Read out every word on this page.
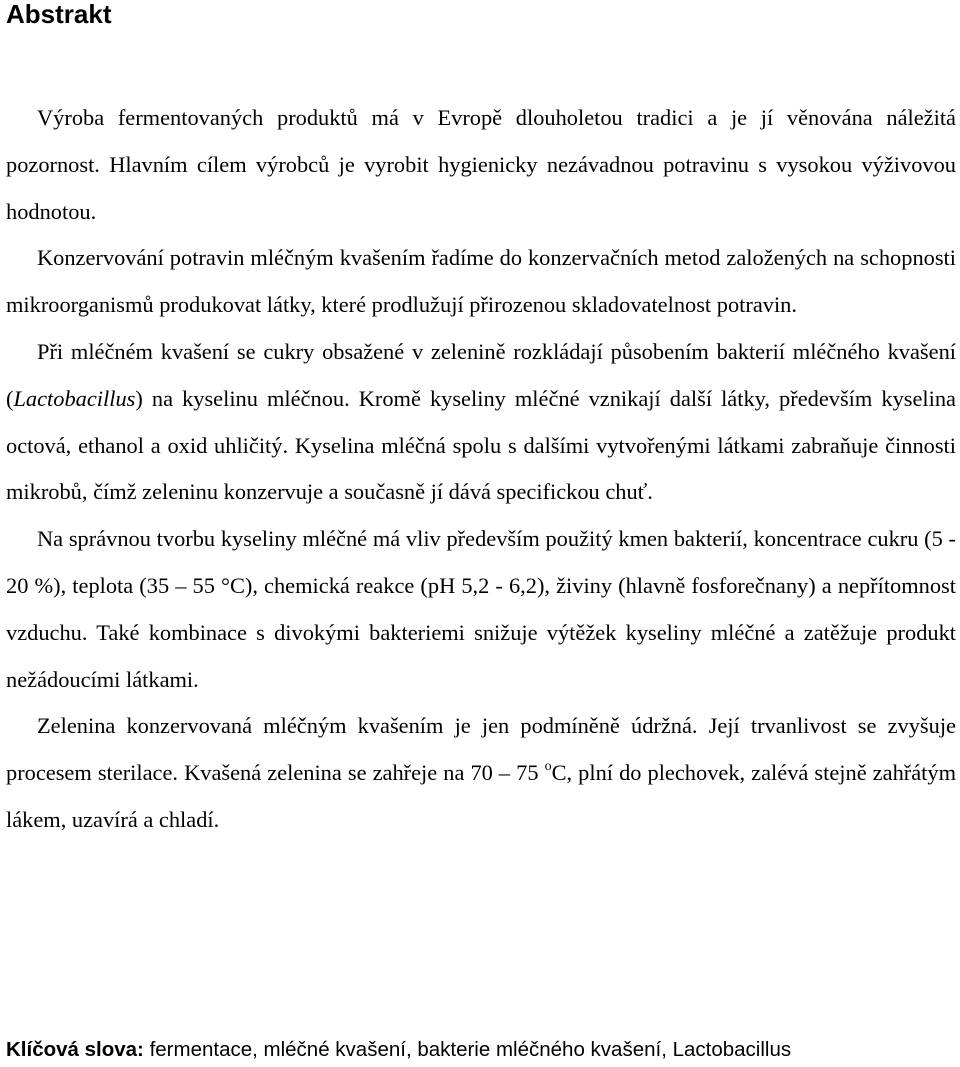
Abstrakt

Výroba fermentovaných produktů má v Evropě dlouholetou tradici a je jí věnována náležitá pozornost. Hlavním cílem výrobců je vyrobit hygienicky nezávadnou potravinu s vysokou výživovou hodnotou.

Konzervování potravin mléčným kvašením řadíme do konzervačních metod založených na schopnosti mikroorganismů produkovat látky, které prodlužují přirozenou skladovatelnost potravin.

Při mléčném kvašení se cukry obsažené v zelenině rozkládají působením bakterií mléčného kvašení (Lactobacillus) na kyselinu mléčnou. Kromě kyseliny mléčné vznikají další látky, především kyselina octová, ethanol a oxid uhličitý. Kyselina mléčná spolu s dalšími vytvořenými látkami zabraňuje činnosti mikrobů, čímž zeleninu konzervuje a současně jí dává specifickou chuť.

Na správnou tvorbu kyseliny mléčné má vliv především použitý kmen bakterií, koncentrace cukru (5 - 20 %), teplota (35 – 55 °C), chemická reakce (pH 5,2 - 6,2), živiny (hlavně fosforečnany) a nepřítomnost vzduchu. Také kombinace s divokými bakteriemi snižuje výtěžek kyseliny mléčné a zatěžuje produkt nežádoucími látkami.

Zelenina konzervovaná mléčným kvašením je jen podmíněně údržná. Její trvanlivost se zvyšuje procesem sterilace. Kvašená zelenina se zahřeje na 70 – 75 $^o$C, plní do plechovek, zalévá stejně zahřátým lákem, uzavírá a chladí.

Klíčová slova: fermentace, mléčné kvašení, bakterie mléčného kvašení, Lactobacillus
